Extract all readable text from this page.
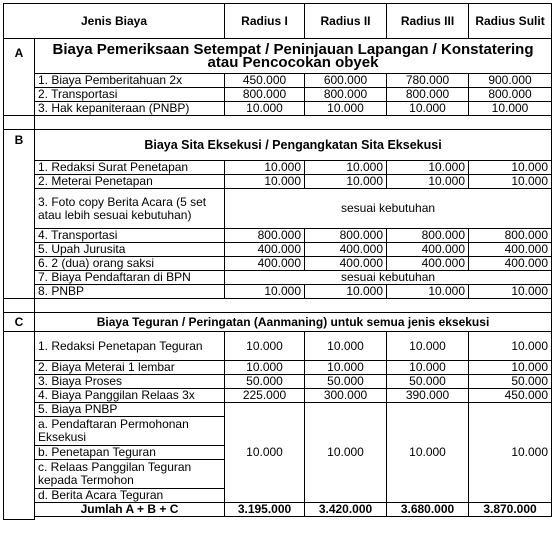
Jenis Biaya		Radius I	Radius II	Radius III	Radius Sulit
A	Biaya Pemeriksaan Setempat / Peninjauan Lapangan / Konstatering atau Pencocokan obyek				
	1. Biaya Pemberitahuan 2x	450.000	600.000	780.000	900.000
	2. Transportasi	800.000	800.000	800.000	800.000
	3. Hak kepaniteraan (PNBP)	10.000	10.000	10.000	10.000

B	Biaya Sita Eksekusi / Pengangkatan Sita Eksekusi				
	1. Redaksi Surat Penetapan	10.000	10.000	10.000	10.000
	2. Meterai Penetapan	10.000	10.000	10.000	10.000
	3. Foto copy Berita Acara (5 set atau lebih sesuai kebutuhan)	sesuai kebutuhan			
	4. Transportasi	800.000	800.000	800.000	800.000
	5. Upah Jurusita	400.000	400.000	400.000	400.000
	6. 2 (dua) orang saksi	400.000	400.000	400.000	400.000
	7. Biaya Pendaftaran di BPN	sesuai kebutuhan			
	8. PNBP	10.000	10.000	10.000	10.000

C	Biaya Teguran / Peringatan (Aanmaning) untuk semua jenis eksekusi				
	1. Redaksi Penetapan Teguran	10.000	10.000	10.000	10.000
	2. Biaya Meterai 1 lembar	10.000	10.000	10.000	10.000
	3. Biaya Proses	50.000	50.000	50.000	50.000
	4. Biaya Panggilan Relaas 3x	225.000	300.000	390.000	450.000
	5. Biaya PNBP	10.000	10.000	10.000	10.000
	a. Pendaftaran Permohonan Eksekusi				
	b. Penetapan Teguran				
	c. Relaas Panggilan Teguran kepada Termohon				
	d. Berita Acara Teguran				
	Jumlah A + B + C	3.195.000	3.420.000	3.680.000	3.870.000
